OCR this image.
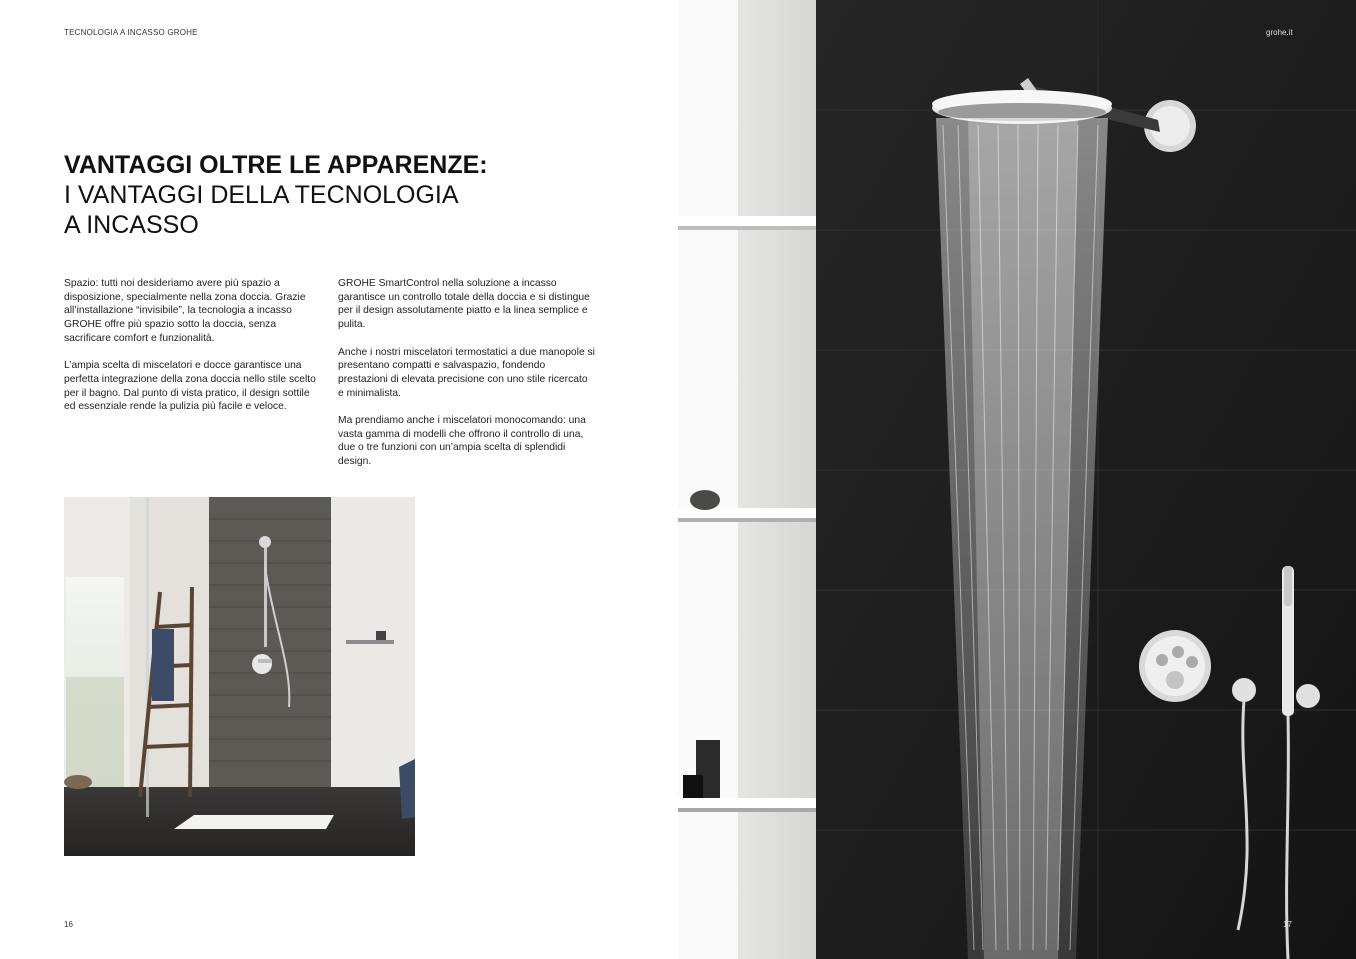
TECNOLOGIA A INCASSO GROHE
VANTAGGI OLTRE LE APPARENZE:
I VANTAGGI DELLA TECNOLOGIA
A INCASSO

Spazio: tutti noi desideriamo avere più spazio a disposizione, specialmente nella zona doccia. Grazie all’installazione “invisibile”, la tecnologia a incasso GROHE offre più spazio sotto la doccia, senza sacrificare comfort e funzionalità.

L’ampia scelta di miscelatori e docce garantisce una perfetta integrazione della zona doccia nello stile scelto per il bagno. Dal punto di vista pratico, il design sottile ed essenziale rende la pulizia più facile e veloce.

GROHE SmartControl nella soluzione a incasso garantisce un controllo totale della doccia e si distingue per il design assolutamente piatto e la linea semplice e pulita.

Anche i nostri miscelatori termostatici a due manopole si presentano compatti e salvaspazio, fondendo prestazioni di elevata precisione con uno stile ricercato e minimalista.

Ma prendiamo anche i miscelatori monocomando: una vasta gamma di modelli che offrono il controllo di una, due o tre funzioni con un’ampia scelta di splendidi design.

16
grohe.it
17
